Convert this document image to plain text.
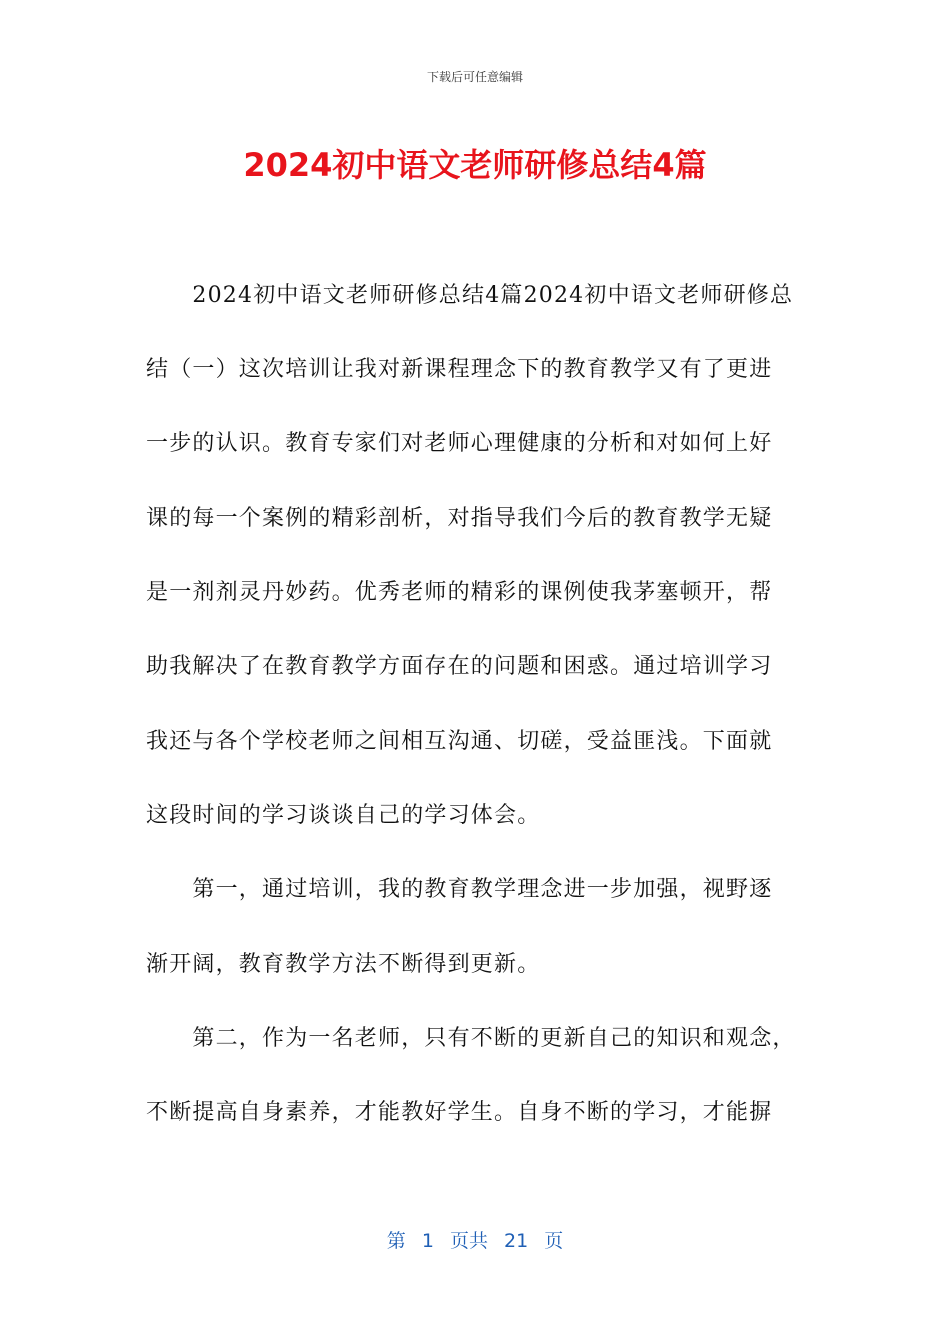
下载后可任意编辑
2024初中语文老师研修总结4篇
　　2024初中语文老师研修总结4篇2024初中语文老师研修总
结（一）这次培训让我对新课程理念下的教育教学又有了更进
一步的认识。教育专家们对老师心理健康的分析和对如何上好
课的每一个案例的精彩剖析，对指导我们今后的教育教学无疑
是一剂剂灵丹妙药。优秀老师的精彩的课例使我茅塞顿开，帮
助我解决了在教育教学方面存在的问题和困惑。通过培训学习
我还与各个学校老师之间相互沟通、切磋，受益匪浅。下面就
这段时间的学习谈谈自己的学习体会。
　　第一，通过培训，我的教育教学理念进一步加强，视野逐
渐开阔，教育教学方法不断得到更新。
　　第二，作为一名老师，只有不断的更新自己的知识和观念，
不断提高自身素养，才能教好学生。自身不断的学习，才能摒
第 1 页共 21 页
